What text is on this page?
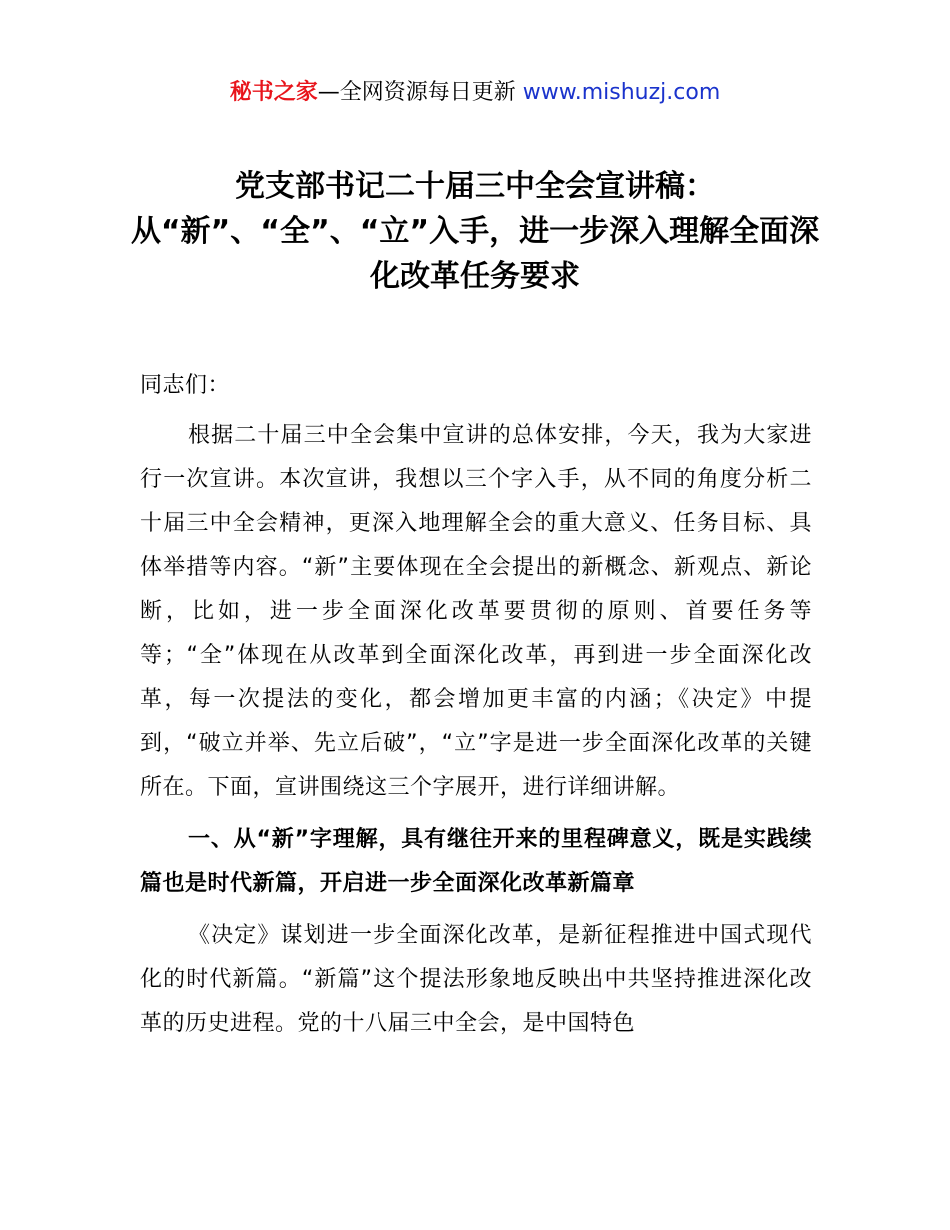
秘书之家—全网资源每日更新 www.mishuzj.com
党支部书记二十届三中全会宣讲稿：从“新”、“全”、“立”入手，进一步深入理解全面深化改革任务要求

同志们：

根据二十届三中全会集中宣讲的总体安排，今天，我为大家进行一次宣讲。本次宣讲，我想以三个字入手，从不同的角度分析二十届三中全会精神，更深入地理解全会的重大意义、任务目标、具体举措等内容。“新”主要体现在全会提出的新概念、新观点、新论断，比如，进一步全面深化改革要贯彻的原则、首要任务等等；“全”体现在从改革到全面深化改革，再到进一步全面深化改革，每一次提法的变化，都会增加更丰富的内涵；《决定》中提到，“破立并举、先立后破”，“立”字是进一步全面深化改革的关键所在。下面，宣讲围绕这三个字展开，进行详细讲解。

一、从“新”字理解，具有继往开来的里程碑意义，既是实践续篇也是时代新篇，开启进一步全面深化改革新篇章

《决定》谋划进一步全面深化改革，是新征程推进中国式现代化的时代新篇。“新篇”这个提法形象地反映出中共坚持推进深化改革的历史进程。党的十八届三中全会，是中国特色
